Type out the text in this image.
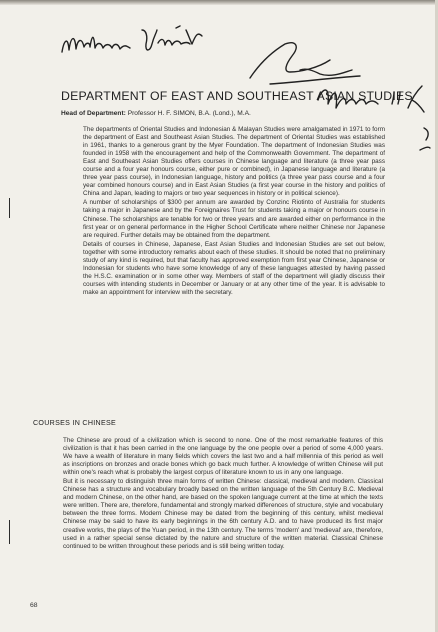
DEPARTMENT OF EAST AND SOUTHEAST ASIAN STUDIES
Head of Department: Professor H. F. SIMON, B.A. (Lond.), M.A.

The departments of Oriental Studies and Indonesian & Malayan Studies were amalgamated in 1971 to form the department of East and Southeast Asian Studies. The department of Oriental Studies was established in 1961, thanks to a generous grant by the Myer Foundation. The department of Indonesian Studies was founded in 1958 with the encouragement and help of the Commonwealth Government. The department of East and Southeast Asian Studies offers courses in Chinese language and literature (a three year pass course and a four year honours course, either pure or combined), in Japanese language and literature (a three year pass course), in Indonesian language, history and politics (a three year pass course and a four year combined honours course) and in East Asian Studies (a first year course in the history and politics of China and Japan, leading to majors or two year sequences in history or in political science).

A number of scholarships of $300 per annum are awarded by Conzinc Riotinto of Australia for students taking a major in Japanese and by the Foreignaires Trust for students taking a major or honours course in Chinese. The scholarships are tenable for two or three years and are awarded either on performance in the first year or on general performance in the Higher School Certificate where neither Chinese nor Japanese are required. Further details may be obtained from the department.

Details of courses in Chinese, Japanese, East Asian Studies and Indonesian Studies are set out below, together with some introductory remarks about each of these studies. It should be noted that no preliminary study of any kind is required, but that faculty has approved exemption from first year Chinese, Japanese or Indonesian for students who have some knowledge of any of these languages attested by having passed the H.S.C. examination or in some other way. Members of staff of the department will gladly discuss their courses with intending students in December or January or at any other time of the year. It is advisable to make an appointment for interview with the secretary.

COURSES IN CHINESE

The Chinese are proud of a civilization which is second to none. One of the most remarkable features of this civilization is that it has been carried in the one language by the one people over a period of some 4,000 years. We have a wealth of literature in many fields which covers the last two and a half millennia of this period as well as inscriptions on bronzes and oracle bones which go back much further. A knowledge of written Chinese will put within one's reach what is probably the largest corpus of literature known to us in any one language.

But it is necessary to distinguish three main forms of written Chinese: classical, medieval and modern. Classical Chinese has a structure and vocabulary broadly based on the written language of the 5th Century B.C. Medieval and modern Chinese, on the other hand, are based on the spoken language current at the time at which the texts were written. There are, therefore, fundamental and strongly marked differences of structure, style and vocabulary between the three forms. Modern Chinese may be dated from the beginning of this century, whilst medieval Chinese may be said to have its early beginnings in the 6th century A.D. and to have produced its first major creative works, the plays of the Yuan period, in the 13th century. The terms 'modern' and 'medieval' are, therefore, used in a rather special sense dictated by the nature and structure of the written material. Classical Chinese continued to be written throughout these periods and is still being written today.

68
